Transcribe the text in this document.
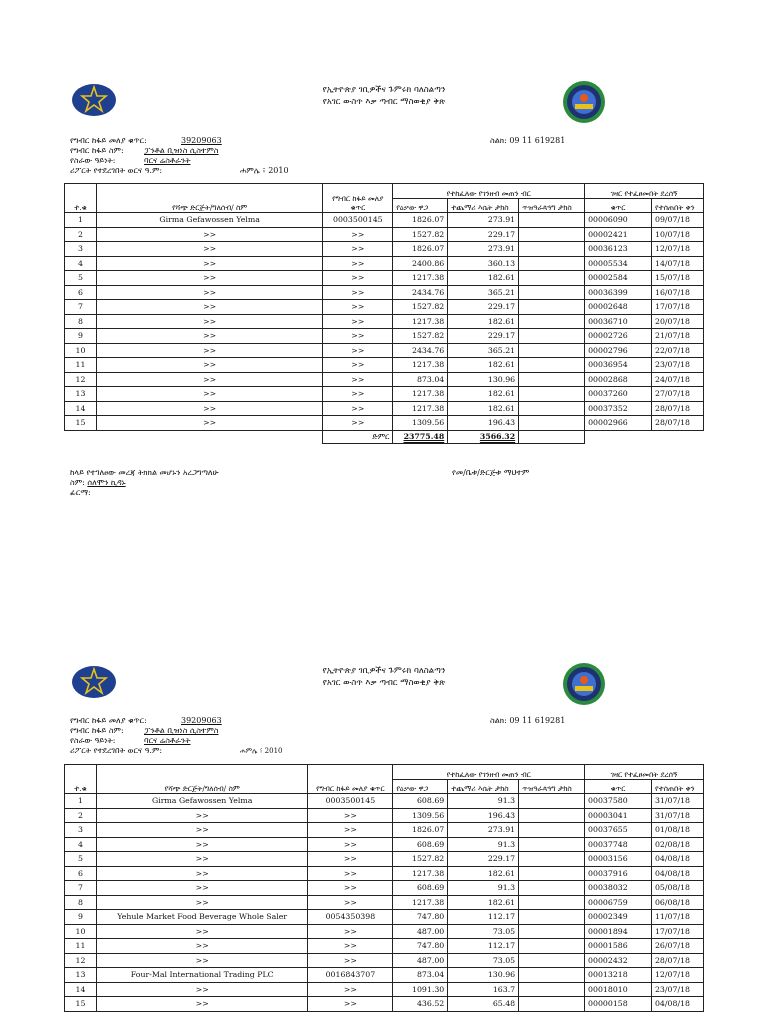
የኢትዮጵያ ገቢዎችና ጉምሩክ ባለስልጣን
የአገር ውስጥ እቃ ጣብር ማስወቂያ ቅጽ
የግብር ከፋይ መለያ ቁጥር:	39209063
የግብር ከፋይ ስም:	ፓንቶል ቢዝነስ ሲስተምስ
የስራው ዓይነት:	ባርና ሬስቶራንት
ሪፖርት የተደረገበት ወርና ዓ.ም:	ሐምሌ ፣ 2010
ስልክ: 09 11 619281
ተ.ቁ	የሻጭ ድርጅት/ግለሰብ/ ስም	የግብር ከፋይ መለያ ቁጥር	የተከፈለው የገንዘብ መጠን ብር			ገዛር የተፈፀመበት ደረሰኝ	
			የዕቃው ዋጋ	ተጨማሪ እሴት ታክስ	ጥዝዓራጳጓግ ታክስ	ቁጥር	የተሰጠበት ቀን
1	Girma Gefawossen Yelma	0003500145	1826.07	273.91		00006090	09/07/18
2	>>	>>	1527.82	229.17		00002421	10/07/18
3	>>	>>	1826.07	273.91		00036123	12/07/18
4	>>	>>	2400.86	360.13		00005534	14/07/18
5	>>	>>	1217.38	182.61		00002584	15/07/18
6	>>	>>	2434.76	365.21		00036399	16/07/18
7	>>	>>	1527.82	229.17		00002648	17/07/18
8	>>	>>	1217.38	182.61		00036710	20/07/18
9	>>	>>	1527.82	229.17		00002726	21/07/18
10	>>	>>	2434.76	365.21		00002796	22/07/18
11	>>	>>	1217.38	182.61		00036954	23/07/18
12	>>	>>	873.04	130.96		00002868	24/07/18
13	>>	>>	1217.38	182.61		00037260	27/07/18
14	>>	>>	1217.38	182.61		00037352	28/07/18
15	>>	>>	1309.56	196.43		00002966	28/07/18
		ድምር	23775.48	3566.32			
ከላይ የተገለፀው መረጃ ትክክል መሆኑን አረጋግጣለሁ
ስም: ሰለሞን ኪዳኑ
ፊርማ:
የመ/ቤቱ/ድርጅቱ ማህተም
የኢትዮጵያ ገቢዎችና ጉምሩክ ባለስልጣን
የአገር ውስጥ እቃ ጣብር ማስወቂያ ቅጽ
የግብር ከፋይ መለያ ቁጥር:	39209063
የግብር ከፋይ ስም:	ፓንቶል ቢዝነስ ሲስተምስ
የስራው ዓይነት:	ባርና ሬስቶራንት
ሪፖርት የተደረገበት ወርና ዓ.ም:	ሐምሌ ፣ 2010
ስልክ: 09 11 619281
ተ.ቁ	የሻጭ ድርጅት/ግለሰብ/ ስም	የግብር ከፋይ መለያ ቁጥር	የተከፈለው የገንዘብ መጠን ብር			ገዛር የተፈፀመበት ደረሰኝ	
			የዕቃው ዋጋ	ተጨማሪ እሴት ታክስ	ጥዝዓራጳጓግ ታክስ	ቁጥር	የተሰጠበት ቀን
1	Girma Gefawossen Yelma	0003500145	608.69	91.3		00037580	31/07/18
2	>>	>>	1309.56	196.43		00003041	31/07/18
3	>>	>>	1826.07	273.91		00037655	01/08/18
4	>>	>>	608.69	91.3		00037748	02/08/18
5	>>	>>	1527.82	229.17		00003156	04/08/18
6	>>	>>	1217.38	182.61		00037916	04/08/18
7	>>	>>	608.69	91.3		00038032	05/08/18
8	>>	>>	1217.38	182.61		00006759	06/08/18
9	Yehule Market Food Beverage Whole Saler	0054350398	747.80	112.17		00002349	11/07/18
10	>>	>>	487.00	73.05		00001894	17/07/18
11	>>	>>	747.80	112.17		00001586	26/07/18
12	>>	>>	487.00	73.05		00002432	28/07/18
13	Four-Mal International Trading PLC	0016843707	873.04	130.96		00013218	12/07/18
14	>>	>>	1091.30	163.7		00018010	23/07/18
15	>>	>>	436.52	65.48		00000158	04/08/18
